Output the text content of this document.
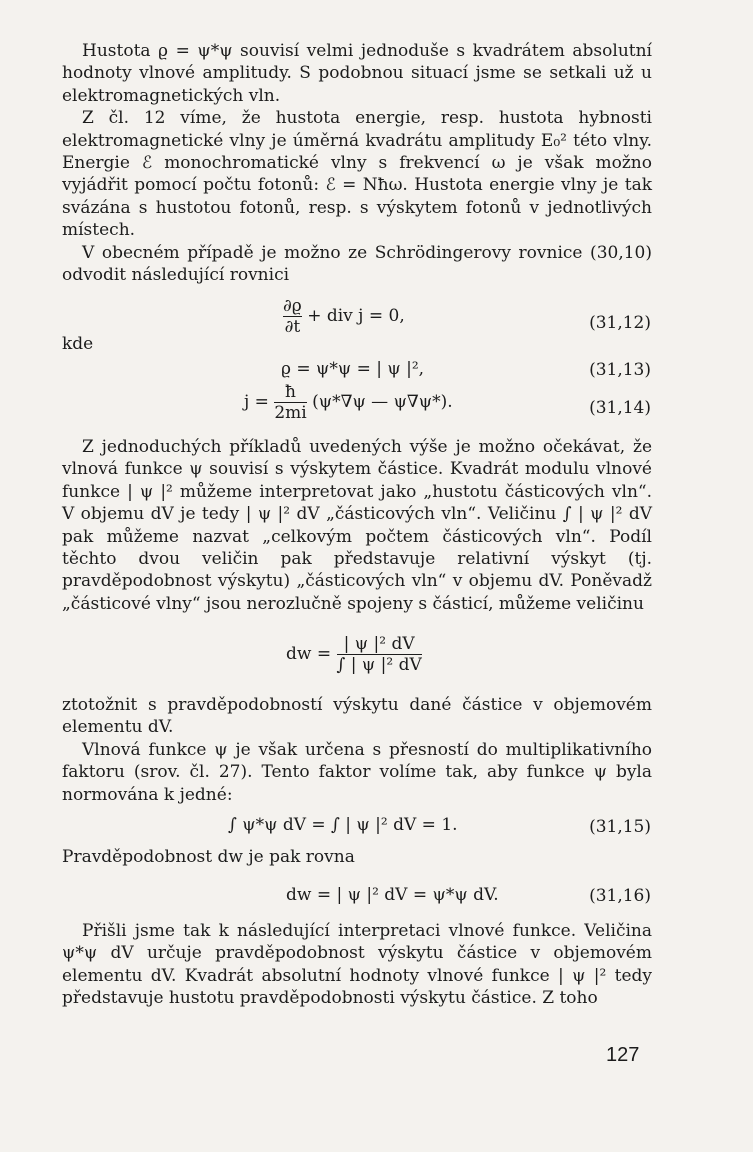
Hustota ϱ = ψ*ψ souvisí velmi jednoduše s kvadrátem absolutní hodnoty vlnové amplitudy. S podobnou situací jsme se setkali už u elektromagnetických vln.

Z čl. 12 víme, že hustota energie, resp. hustota hybnosti elektromagnetické vlny je úměrná kvadrátu amplitudy E₀² této vlny. Energie ℰ monochromatické vlny s frekvencí ω je však možno vyjádřit pomocí počtu fotonů: ℰ = Nħω. Hustota energie vlny je tak svázána s hustotou fotonů, resp. s výskytem fotonů v jednotlivých místech.

V obecném případě je možno ze Schrödingerovy rovnice (30,10) odvodit následující rovnici

$\frac{\partial ϱ}{\partial t}$ + div j = 0,	(31,12)
kde
ϱ = ψ*ψ = | ψ |²,	(31,13)
$j = \frac{ħ}{2mi} (\psi*\nabla\psi$ — ψ∇ψ*).	(31,14)

Z jednoduchých příkladů uvedených výše je možno očekávat, že vlnová funkce ψ souvisí s výskytem částice. Kvadrát modulu vlnové funkce | ψ |² můžeme interpretovat jako „hustotu částicových vln“. V objemu dV je tedy | ψ |² dV „částicových vln“. Veličinu ∫ | ψ |² dV pak můžeme nazvat „celkovým počtem částicových vln“. Podíl těchto dvou veličin pak představuje relativní výskyt (tj. pravděpodobnost výskytu) „částicových vln“ v objemu dV. Poněvadž „částicové vlny“ jsou nerozlučně spojeny s částicí, můžeme veličinu

dw = $\frac{\text{| ψ |² dV}}{\text{∫ | ψ |² dV}}$

ztotožnit s pravděpodobností výskytu dané částice v objemovém elementu dV.

Vlnová funkce ψ je však určena s přesností do multiplikativního faktoru (srov. čl. 27). Tento faktor volíme tak, aby funkce ψ byla normována k jedné:

∫ ψ*ψ dV = ∫ | ψ |² dV = 1.	(31,15)

Pravděpodobnost dw je pak rovna

dw = | ψ |² dV = ψ*ψ dV.	(31,16)

Přišli jsme tak k následující interpretaci vlnové funkce. Veličina ψ*ψ dV určuje pravděpodobnost výskytu částice v objemovém elementu dV. Kvadrát absolutní hodnoty vlnové funkce | ψ |² tedy představuje hustotu pravděpodobnosti výskytu částice. Z toho

127
